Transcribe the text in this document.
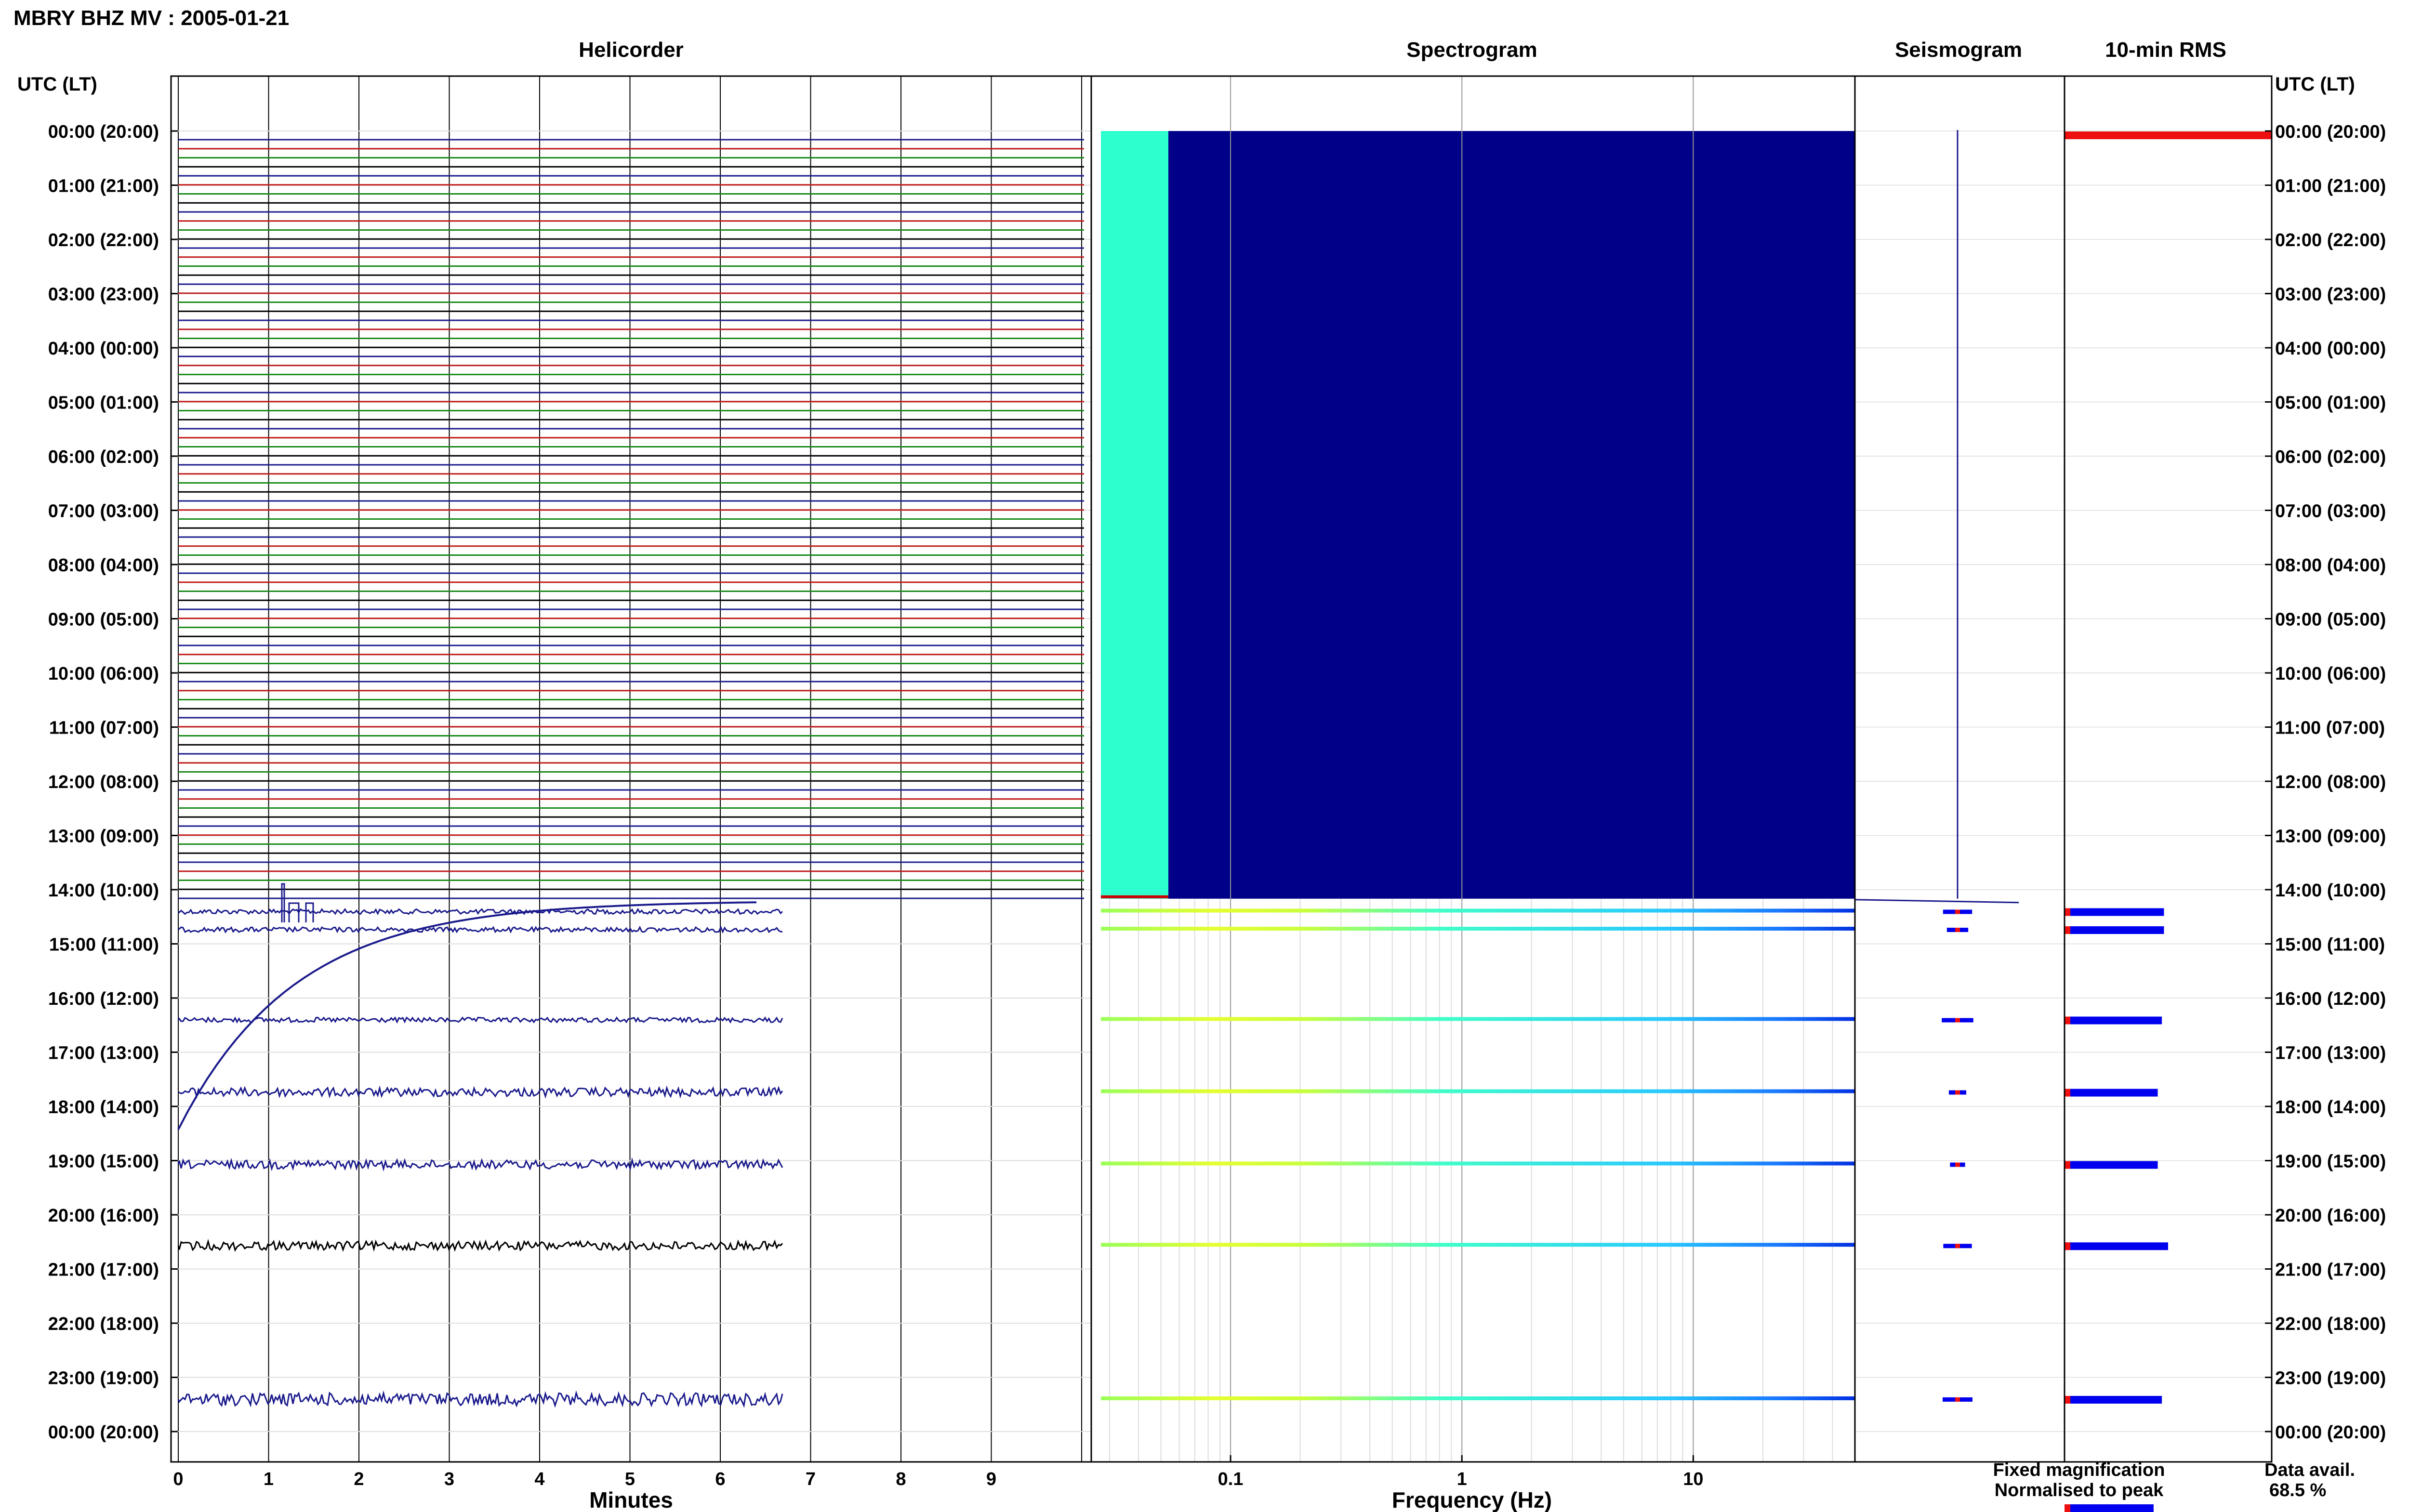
MBRY BHZ MV : 2005-01-21
Helicorder	Spectrogram	Seismogram	10-min RMS
UTC (LT)	UTC (LT)
00:00 (20:00)	00:00 (20:00)
01:00 (21:00)	01:00 (21:00)
02:00 (22:00)	02:00 (22:00)
03:00 (23:00)	03:00 (23:00)
04:00 (00:00)	04:00 (00:00)
05:00 (01:00)	05:00 (01:00)
06:00 (02:00)	06:00 (02:00)
07:00 (03:00)	07:00 (03:00)
08:00 (04:00)	08:00 (04:00)
09:00 (05:00)	09:00 (05:00)
10:00 (06:00)	10:00 (06:00)
11:00 (07:00)	11:00 (07:00)
12:00 (08:00)	12:00 (08:00)
13:00 (09:00)	13:00 (09:00)
14:00 (10:00)	14:00 (10:00)
15:00 (11:00)	15:00 (11:00)
16:00 (12:00)	16:00 (12:00)
17:00 (13:00)	17:00 (13:00)
18:00 (14:00)	18:00 (14:00)
19:00 (15:00)	19:00 (15:00)
20:00 (16:00)	20:00 (16:00)
21:00 (17:00)	21:00 (17:00)
22:00 (18:00)	22:00 (18:00)
23:00 (19:00)	23:00 (19:00)
00:00 (20:00)	00:00 (20:00)
0	1	2	3	4	5	6	7	8	9	0.1	1	10
Minutes	Frequency (Hz)
Fixed magnification
Normalised to peak
Data avail.
68.5 %
